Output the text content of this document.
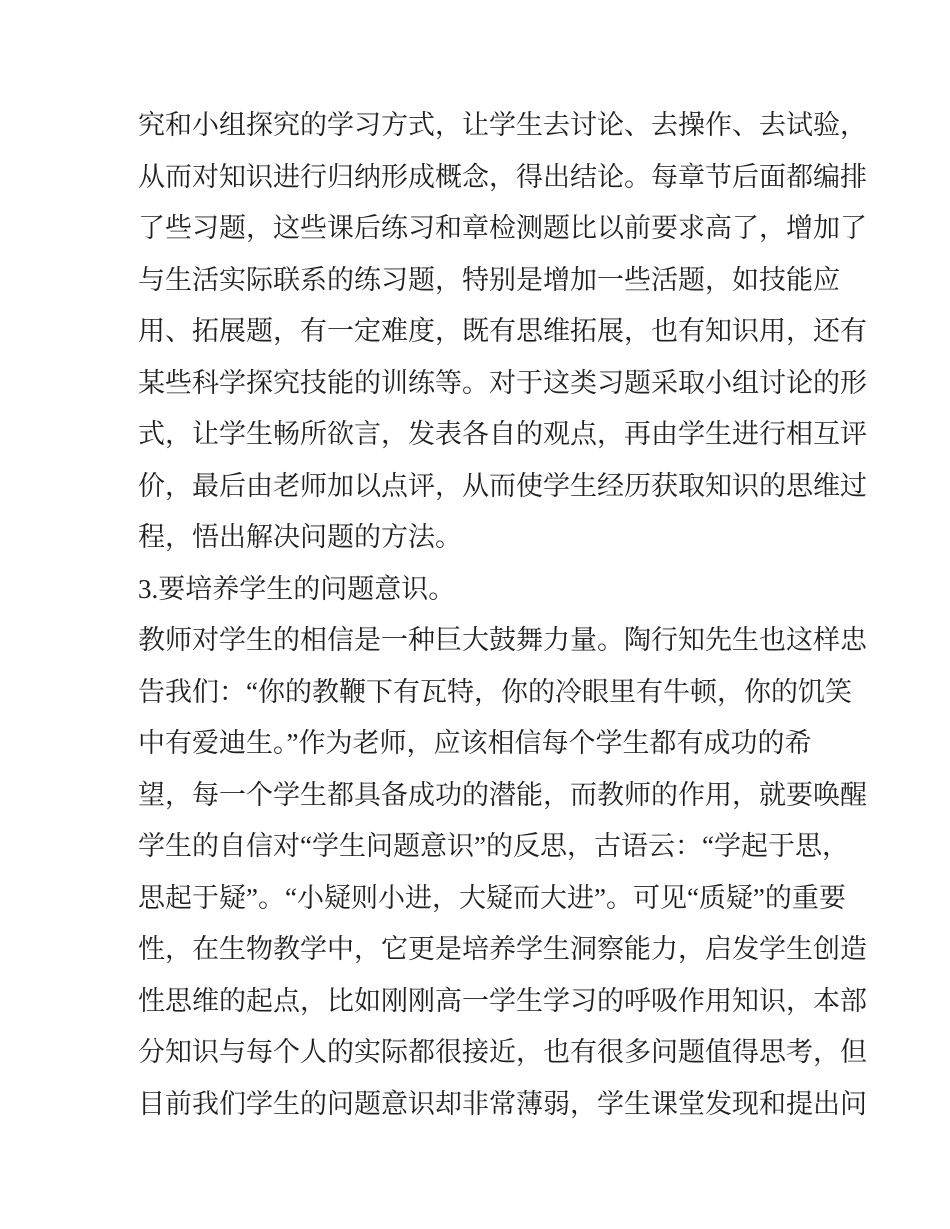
究和小组探究的学习方式，让学生去讨论、去操作、去试验，
从而对知识进行归纳形成概念，得出结论。每章节后面都编排
了些习题，这些课后练习和章检测题比以前要求高了，增加了
与生活实际联系的练习题，特别是增加一些活题，如技能应
用、拓展题，有一定难度，既有思维拓展，也有知识用，还有
某些科学探究技能的训练等。对于这类习题采取小组讨论的形
式，让学生畅所欲言，发表各自的观点，再由学生进行相互评
价，最后由老师加以点评，从而使学生经历获取知识的思维过
程，悟出解决问题的方法。
3.要培养学生的问题意识。
教师对学生的相信是一种巨大鼓舞力量。陶行知先生也这样忠
告我们：“你的教鞭下有瓦特，你的冷眼里有牛顿，你的饥笑
中有爱迪生。”作为老师，应该相信每个学生都有成功的希
望，每一个学生都具备成功的潜能，而教师的作用，就要唤醒
学生的自信对“学生问题意识”的反思，古语云：“学起于思，
思起于疑”。“小疑则小进，大疑而大进”。可见“质疑”的重要
性，在生物教学中，它更是培养学生洞察能力，启发学生创造
性思维的起点，比如刚刚高一学生学习的呼吸作用知识，本部
分知识与每个人的实际都很接近，也有很多问题值得思考，但
目前我们学生的问题意识却非常薄弱，学生课堂发现和提出问
